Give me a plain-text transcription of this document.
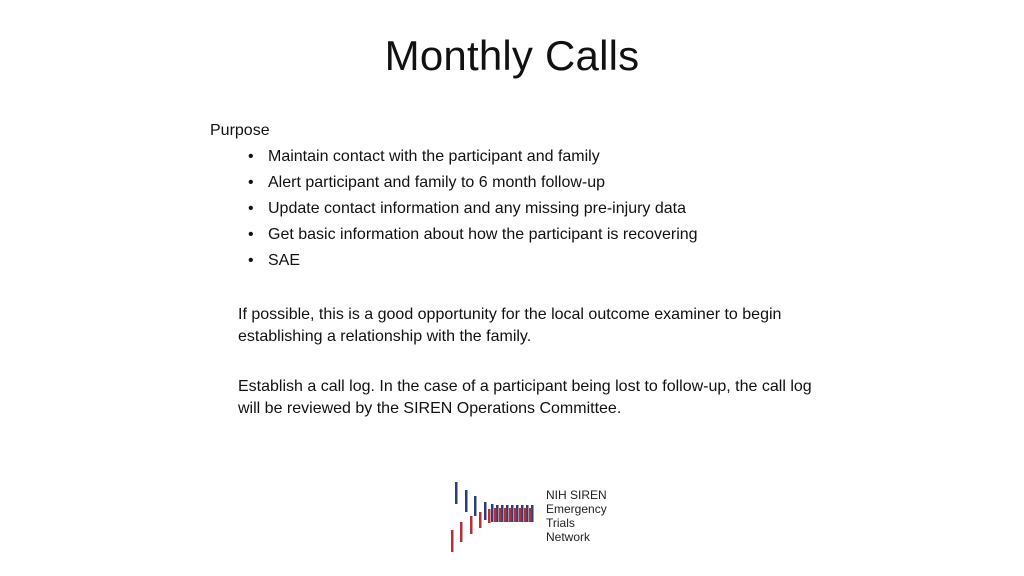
Monthly Calls

Purpose

• Maintain contact with the participant and family
• Alert participant and family to 6 month follow-up
• Update contact information and any missing pre-injury data
• Get basic information about how the participant is recovering
• SAE

If possible, this is a good opportunity for the local outcome examiner to begin establishing a relationship with the family.

Establish a call log. In the case of a participant being lost to follow-up, the call log will be reviewed by the SIREN Operations Committee.

NIH SIREN
Emergency
Trials
Network
